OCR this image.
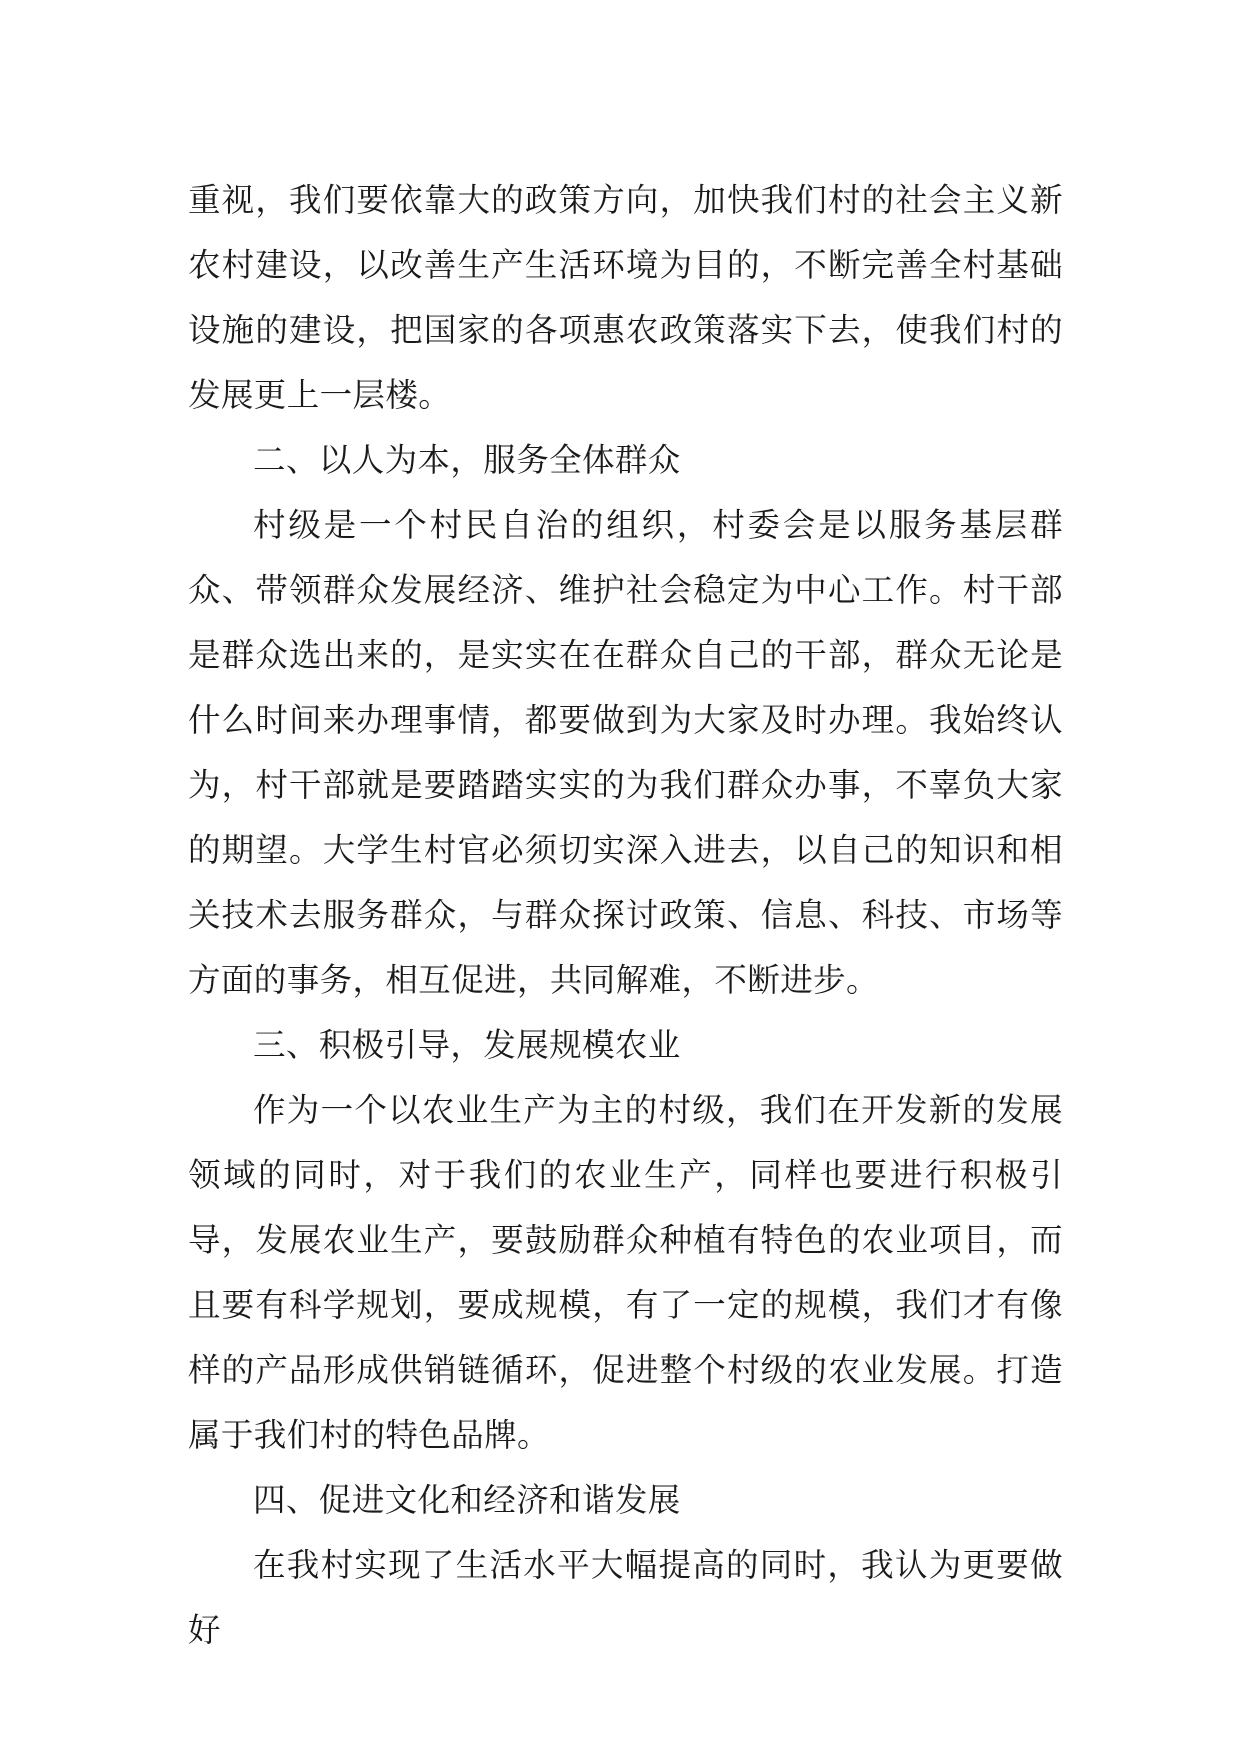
重视，我们要依靠大的政策方向，加快我们村的社会主义新农村建设，以改善生产生活环境为目的，不断完善全村基础设施的建设，把国家的各项惠农政策落实下去，使我们村的发展更上一层楼。

二、以人为本，服务全体群众

村级是一个村民自治的组织，村委会是以服务基层群众、带领群众发展经济、维护社会稳定为中心工作。村干部是群众选出来的，是实实在在群众自己的干部，群众无论是什么时间来办理事情，都要做到为大家及时办理。我始终认为，村干部就是要踏踏实实的为我们群众办事，不辜负大家的期望。大学生村官必须切实深入进去，以自己的知识和相关技术去服务群众，与群众探讨政策、信息、科技、市场等方面的事务，相互促进，共同解难，不断进步。

三、积极引导，发展规模农业

作为一个以农业生产为主的村级，我们在开发新的发展领域的同时，对于我们的农业生产，同样也要进行积极引导，发展农业生产，要鼓励群众种植有特色的农业项目，而且要有科学规划，要成规模，有了一定的规模，我们才有像样的产品形成供销链循环，促进整个村级的农业发展。打造属于我们村的特色品牌。

四、促进文化和经济和谐发展

在我村实现了生活水平大幅提高的同时，我认为更要做好
